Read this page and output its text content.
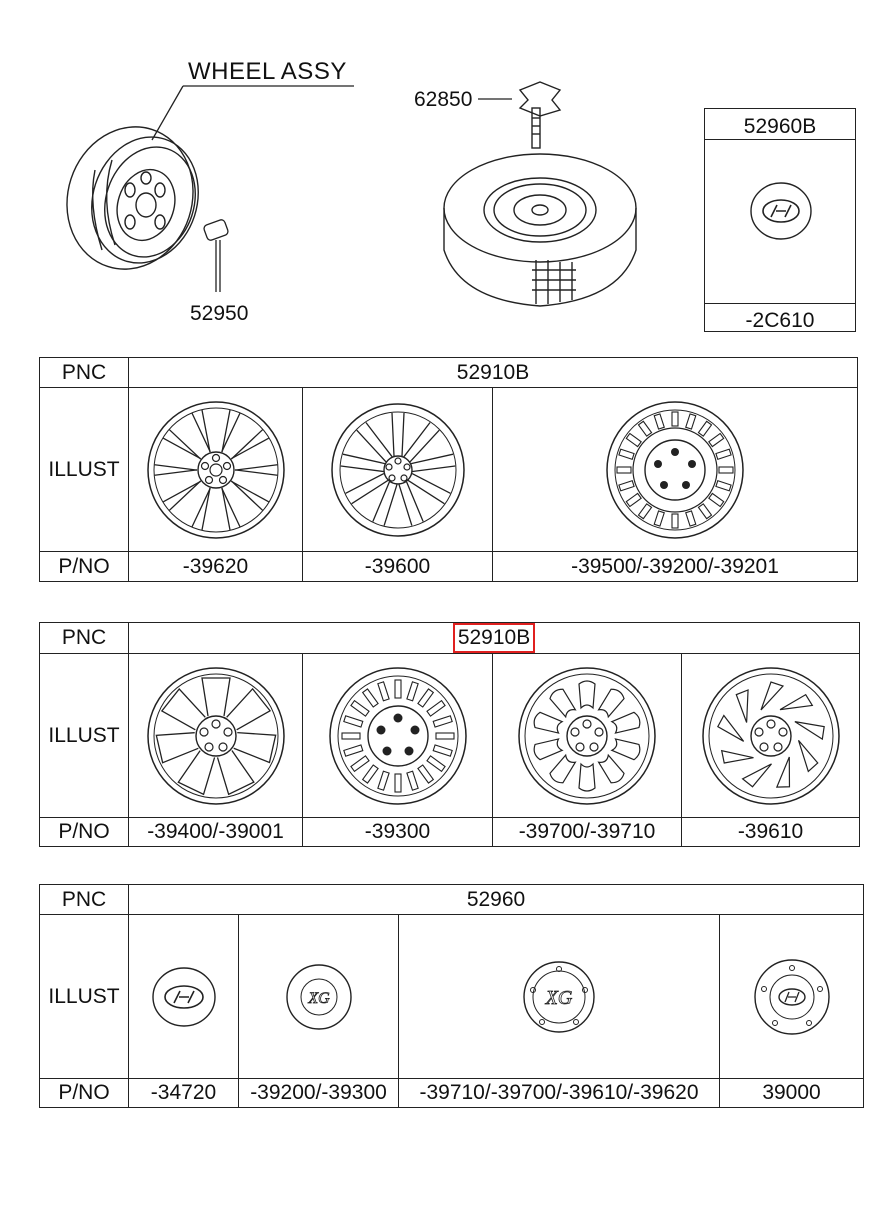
WHEEL ASSY
52950
62850
52960B
-2C610
PNC	52910B		
ILLUST	

P/NO	-39620	-39600	-39500/-39200/-39201
PNC	52910B			
ILLUST	

P/NO	-39400/-39001	-39300	-39700/-39710	-39610
PNC	52960			
ILLUST		XG	XG

P/NO	-34720	-39200/-39300	-39710/-39700/-39610/-39620	39000
